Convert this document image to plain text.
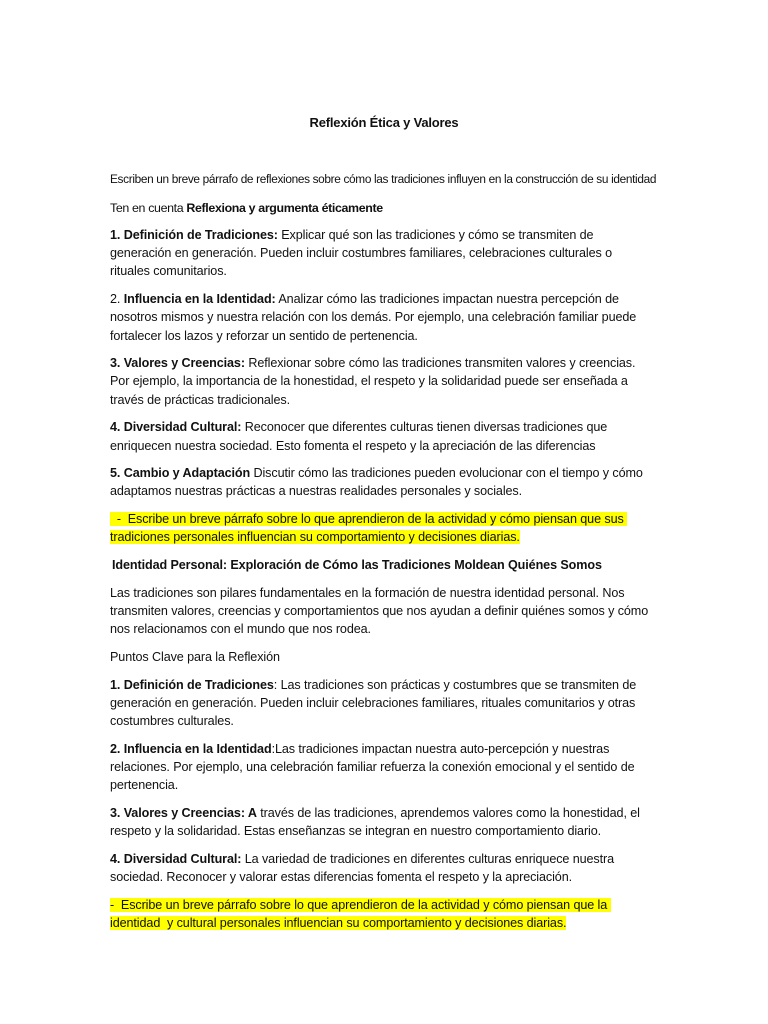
Reflexión Ética y Valores
Escriben un breve párrafo de reflexiones sobre cómo las tradiciones influyen en la construcción de su identidad
Ten en cuenta Reflexiona y argumenta éticamente

1. Definición de Tradiciones: Explicar qué son las tradiciones y cómo se transmiten de generación en generación. Pueden incluir costumbres familiares, celebraciones culturales o rituales comunitarios.

2. Influencia en la Identidad: Analizar cómo las tradiciones impactan nuestra percepción de nosotros mismos y nuestra relación con los demás. Por ejemplo, una celebración familiar puede fortalecer los lazos y reforzar un sentido de pertenencia.

3. Valores y Creencias: Reflexionar sobre cómo las tradiciones transmiten valores y creencias. Por ejemplo, la importancia de la honestidad, el respeto y la solidaridad puede ser enseñada a través de prácticas tradicionales.

4. Diversidad Cultural: Reconocer que diferentes culturas tienen diversas tradiciones que enriquecen nuestra sociedad. Esto fomenta el respeto y la apreciación de las diferencias

5. Cambio y Adaptación Discutir cómo las tradiciones pueden evolucionar con el tiempo y cómo adaptamos nuestras prácticas a nuestras realidades personales y sociales.

-  Escribe un breve párrafo sobre lo que aprendieron de la actividad y cómo piensan que sus tradiciones personales influencian su comportamiento y decisiones diarias.

Identidad Personal: Exploración de Cómo las Tradiciones Moldean Quiénes Somos

Las tradiciones son pilares fundamentales en la formación de nuestra identidad personal. Nos transmiten valores, creencias y comportamientos que nos ayudan a definir quiénes somos y cómo nos relacionamos con el mundo que nos rodea.

Puntos Clave para la Reflexión

1. Definición de Tradiciones: Las tradiciones son prácticas y costumbres que se transmiten de generación en generación. Pueden incluir celebraciones familiares, rituales comunitarios y otras costumbres culturales.

2. Influencia en la Identidad:Las tradiciones impactan nuestra auto-percepción y nuestras relaciones. Por ejemplo, una celebración familiar refuerza la conexión emocional y el sentido de pertenencia.

3. Valores y Creencias: A través de las tradiciones, aprendemos valores como la honestidad, el respeto y la solidaridad. Estas enseñanzas se integran en nuestro comportamiento diario.

4. Diversidad Cultural: La variedad de tradiciones en diferentes culturas enriquece nuestra sociedad. Reconocer y valorar estas diferencias fomenta el respeto y la apreciación.

-  Escribe un breve párrafo sobre lo que aprendieron de la actividad y cómo piensan que la identidad  y cultural personales influencian su comportamiento y decisiones diarias.
